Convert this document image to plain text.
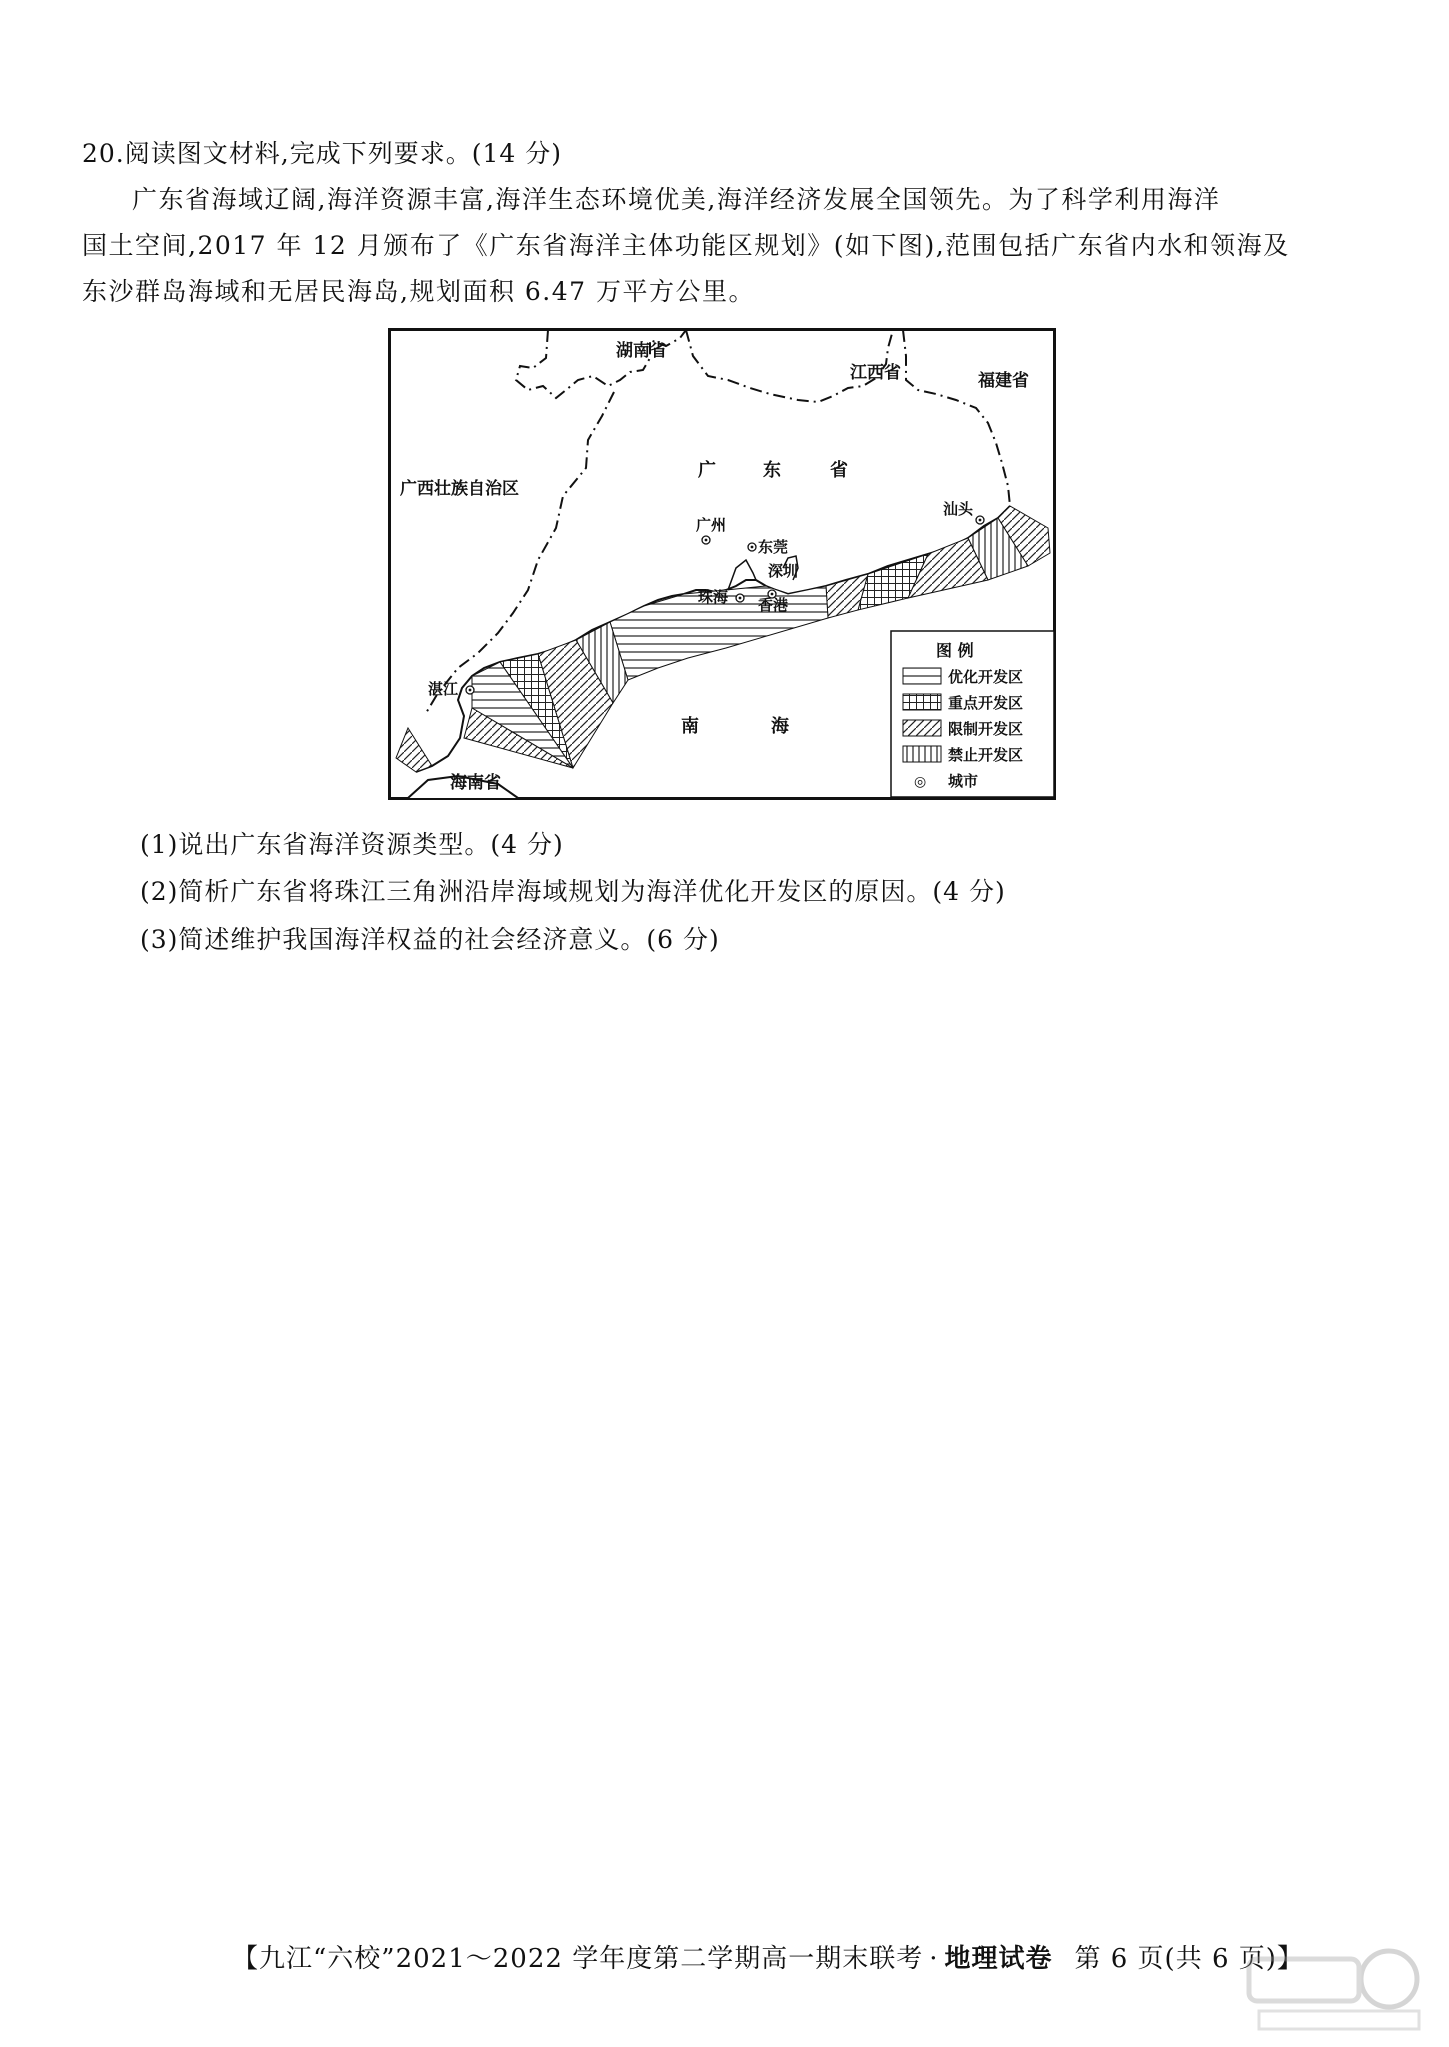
20.阅读图文材料,完成下列要求。(14 分)
广东省海域辽阔,海洋资源丰富,海洋生态环境优美,海洋经济发展全国领先。为了科学利用海洋
国土空间,2017 年 12 月颁布了《广东省海洋主体功能区规划》(如下图),范围包括广东省内水和领海及
东沙群岛海域和无居民海岛,规划面积 6.47 万平方公里。
湖南省
江西省	福建省
广西壮族自治区
广	东	省
海南省
南	海
广州
东莞
深圳
珠海 香港
汕头
湛江
图 例
优化开发区
重点开发区
限制开发区
禁止开发区
◎ 城市
(1)说出广东省海洋资源类型。(4 分)
(2)简析广东省将珠江三角洲沿岸海域规划为海洋优化开发区的原因。(4 分)
(3)简述维护我国海洋权益的社会经济意义。(6 分)
【九江“六校”2021～2022 学年度第二学期高一期末联考 · 地理试卷 第 6 页(共 6 页)】
